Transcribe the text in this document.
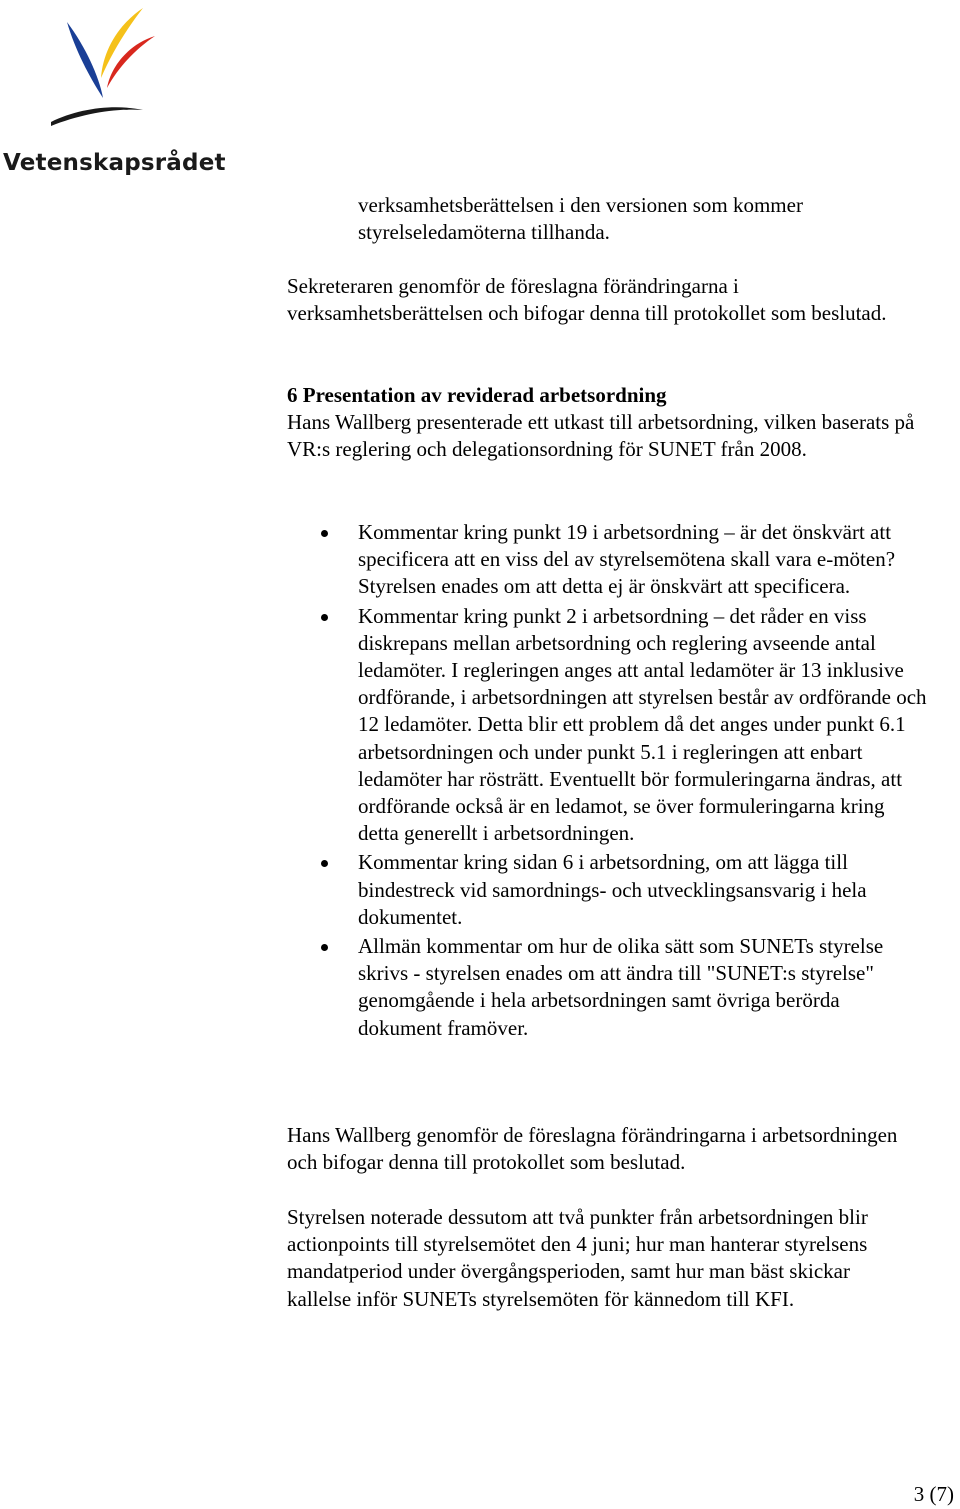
Vetenskapsrådet

verksamhetsberättelsen i den versionen som kommer styrelseledamöterna tillhanda.

Sekreteraren genomför de föreslagna förändringarna i verksamhetsberättelsen och bifogar denna till protokollet som beslutad.

6 Presentation av reviderad arbetsordning

Hans Wallberg presenterade ett utkast till arbetsordning, vilken baserats på VR:s reglering och delegationsordning för SUNET från 2008.

Kommentar kring punkt 19 i arbetsordning – är det önskvärt att specificera att en viss del av styrelsemötena skall vara e-möten? Styrelsen enades om att detta ej är önskvärt att specificera.
Kommentar kring punkt 2 i arbetsordning – det råder en viss diskrepans mellan arbetsordning och reglering avseende antal ledamöter. I regleringen anges att antal ledamöter är 13 inklusive ordförande, i arbetsordningen att styrelsen består av ordförande och 12 ledamöter. Detta blir ett problem då det anges under punkt 6.1 arbetsordningen och under punkt 5.1 i regleringen att enbart ledamöter har rösträtt. Eventuellt bör formuleringarna ändras, att ordförande också är en ledamot, se över formuleringarna kring detta generellt i arbetsordningen.
Kommentar kring sidan 6 i arbetsordning, om att lägga till bindestreck vid samordnings- och utvecklingsansvarig i hela dokumentet.
Allmän kommentar om hur de olika sätt som SUNETs styrelse skrivs - styrelsen enades om att ändra till "SUNET:s styrelse" genomgående i hela arbetsordningen samt övriga berörda dokument framöver.

Hans Wallberg genomför de föreslagna förändringarna i arbetsordningen och bifogar denna till protokollet som beslutad.

Styrelsen noterade dessutom att två punkter från arbetsordningen blir actionpoints till styrelsemötet den 4 juni; hur man hanterar styrelsens mandatperiod under övergångsperioden, samt hur man bäst skickar kallelse inför SUNETs styrelsemöten för kännedom till KFI.

3 (7)
